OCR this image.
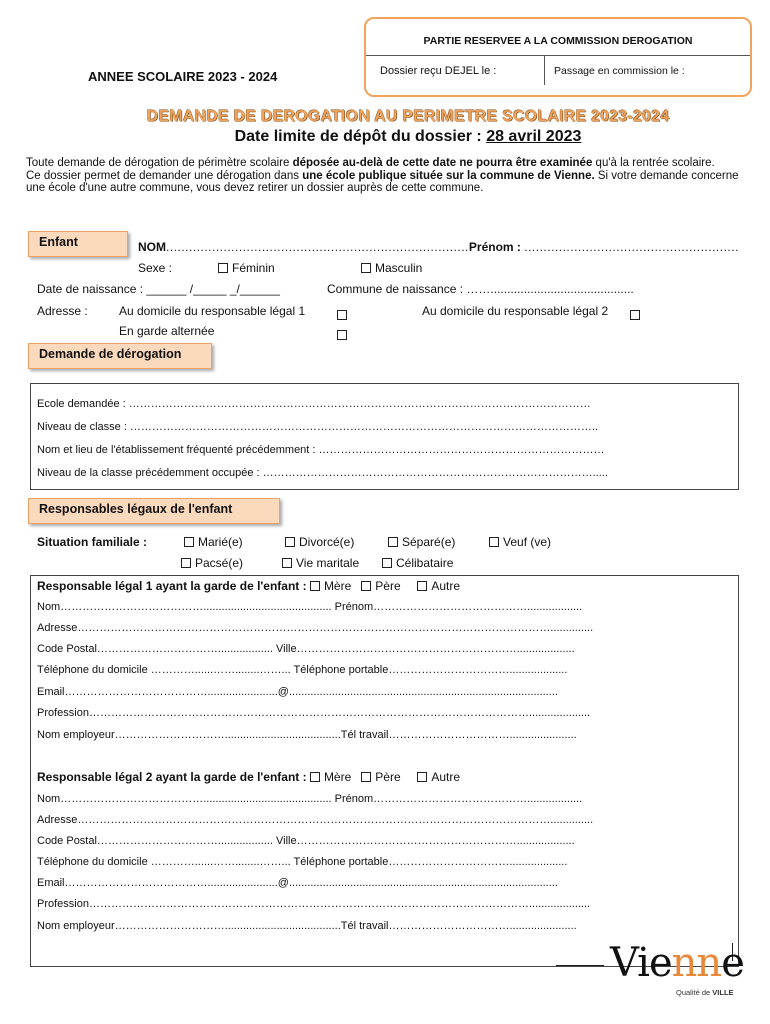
PARTIE RESERVEE A LA COMMISSION DEROGATION
Dossier reçu DEJEL le :	Passage en commission le :
ANNEE SCOLAIRE 2023 - 2024
DEMANDE DE DEROGATION AU PERIMETRE SCOLAIRE 2023-2024
Date limite de dépôt du dossier : 28 avril 2023
Toute demande de dérogation de périmètre scolaire déposée au-delà de cette date ne pourra être examinée qu'à la rentrée scolaire.
Ce dossier permet de demander une dérogation dans une école publique située sur la commune de Vienne. Si votre demande concerne une école d'une autre commune, vous devez retirer un dossier auprès de cette commune.
Enfant	NOM...............................................................................Prénom : ........................................................
Sexe :	Féminin	Masculin
Date de naissance : ______ /_____ _/______	Commune de naissance : ……...........................................
Adresse :	Au domicile du responsable légal 1	Au domicile du responsable légal 2
En garde alternée
Demande de dérogation
Ecole demandée : ………………………………………………………………………………………………………………
Niveau de classe : ………………………………………………………………………………………………………………..
Nom et lieu de l'établissement fréquenté précédemment : ……………………………………………………………………
Niveau de la classe précédemment occupée : ……………………………………………………………………………….....
Responsables légaux de l'enfant
Situation familiale :	Marié(e)	Divorcé(e)	Séparé(e)	Veuf (ve)
Pacsé(e)	Vie maritale	Célibataire
Responsable légal 1 ayant la garde de l'enfant : Mère Père	Autre
Nom………………………………….......................................... Prénom……………………………………..................
Adresse…………………………………………………………………………………………………………………..............
Code Postal…………………………….................. Ville……………………………………………………...................
Téléphone du domicile …………......……........……... Téléphone portable……………………………...................
Email………………………………….......................@........................................................................................
Profession…………………………………………………………………………………………………………....................
Nom employeur…………………………......................................Tél travail……………………………......................
Responsable légal 2 ayant la garde de l'enfant : Mère Père	Autre
Nom………………………………….......................................... Prénom……………………………………..................
Adresse…………………………………………………………………………………………………………………..............
Code Postal…………………………….................. Ville……………………………………………………...................
Téléphone du domicile …………......……........……... Téléphone portable……………………………...................
Email………………………………….......................@........................................................................................
Profession…………………………………………………………………………………………………………....................
Nom employeur…………………………......................................Tél travail……………………………......................
Vienne
Qualité de VILLE
